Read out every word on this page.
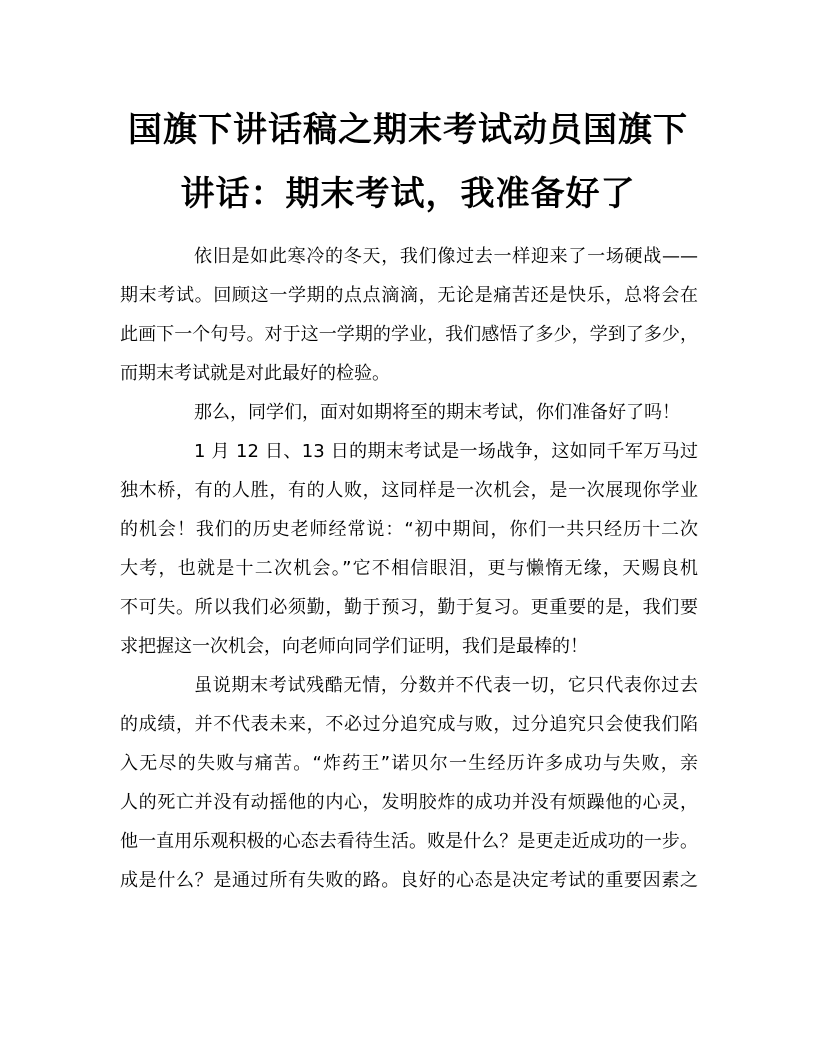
国旗下讲话稿之期末考试动员国旗下
讲话：期末考试，我准备好了
依旧是如此寒冷的冬天，我们像过去一样迎来了一场硬战——
期末考试。回顾这一学期的点点滴滴，无论是痛苦还是快乐，总将会在
此画下一个句号。对于这一学期的学业，我们感悟了多少，学到了多少，
而期末考试就是对此最好的检验。
那么，同学们，面对如期将至的期末考试，你们准备好了吗！
1 月 12 日、13 日的期末考试是一场战争，这如同千军万马过
独木桥，有的人胜，有的人败，这同样是一次机会，是一次展现你学业
的机会！我们的历史老师经常说：“初中期间，你们一共只经历十二次
大考，也就是十二次机会。”它不相信眼泪，更与懒惰无缘，天赐良机
不可失。所以我们必须勤，勤于预习，勤于复习。更重要的是，我们要
求把握这一次机会，向老师向同学们证明，我们是最棒的！
虽说期末考试残酷无情，分数并不代表一切，它只代表你过去
的成绩，并不代表未来，不必过分追究成与败，过分追究只会使我们陷
入无尽的失败与痛苦。“炸药王”诺贝尔一生经历许多成功与失败，亲
人的死亡并没有动摇他的内心，发明胶炸的成功并没有烦躁他的心灵，
他一直用乐观积极的心态去看待生活。败是什么？是更走近成功的一步。
成是什么？是通过所有失败的路。良好的心态是决定考试的重要因素之
